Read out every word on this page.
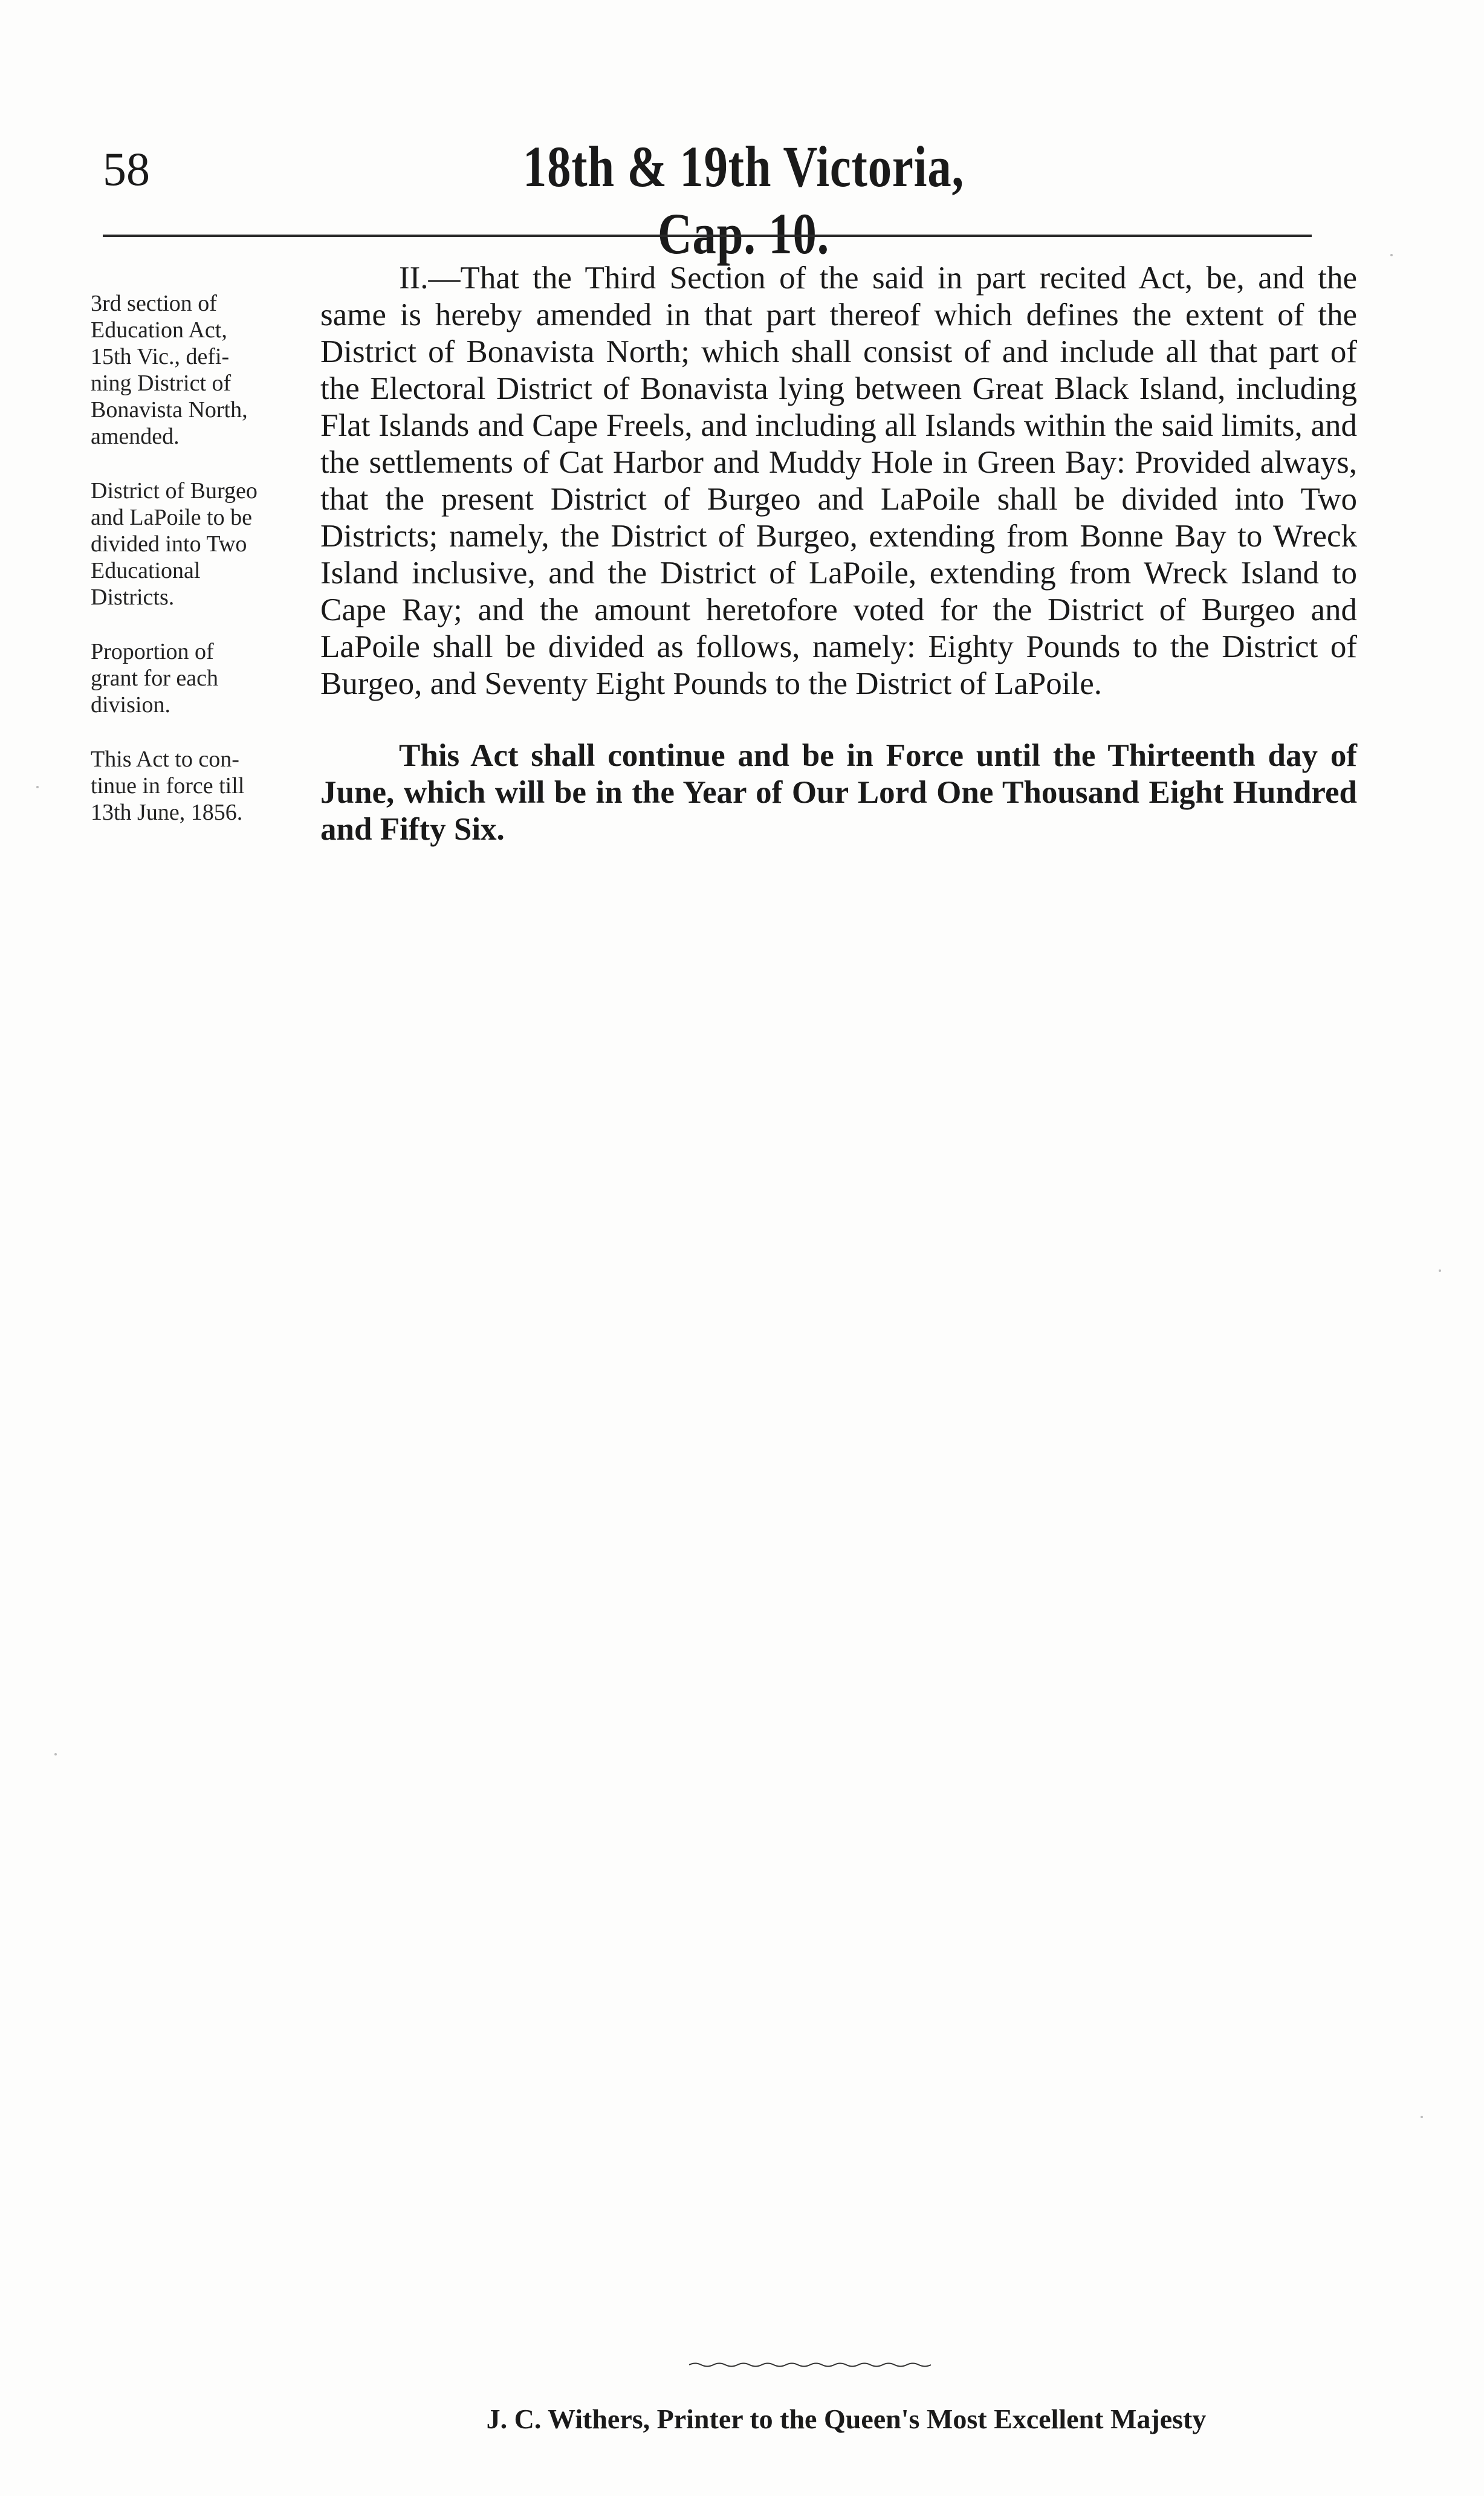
58	18th & 19th Victoria, Cap. 10.

3rd section of
Education Act,
15th Vic., defi-
ning District of
Bonavista North,
amended.

District of Burgeo
and LaPoile to be
divided into Two
Educational
Districts.

Proportion of
grant for each
division.

This Act to con-
tinue in force till
13th June, 1856.

II.—That the Third Section of the said in part recited Act, be, and the same is hereby amended in that part thereof which defines the extent of the District of Bonavista North; which shall consist of and include all that part of the Electoral District of Bonavista lying between Great Black Island, including Flat Islands and Cape Freels, and including all Islands within the said limits, and the settlements of Cat Harbor and Muddy Hole in Green Bay: Provided always, that the present District of Burgeo and LaPoile shall be divided into Two Districts; namely, the District of Burgeo, extending from Bonne Bay to Wreck Island inclusive, and the District of LaPoile, extending from Wreck Island to Cape Ray; and the amount heretofore voted for the District of Burgeo and LaPoile shall be divided as follows, namely: Eighty Pounds to the District of Burgeo, and Seventy Eight Pounds to the District of LaPoile.

This Act shall continue and be in Force until the Thirteenth day of June, which will be in the Year of Our Lord One Thousand Eight Hundred and Fifty Six.

J. C. Withers, Printer to the Queen's Most Excellent Majesty
